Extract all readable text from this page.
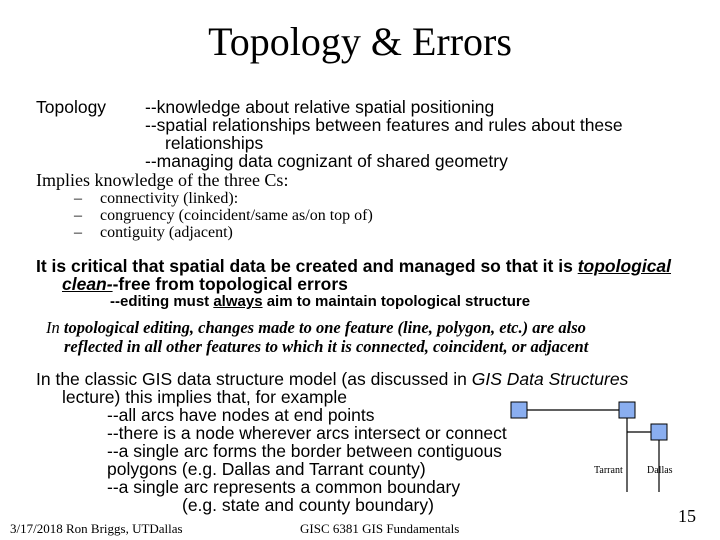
Topology & Errors
Topology --knowledge about relative spatial positioning
--spatial relationships between features and rules about these
relationships
--managing data cognizant of shared geometry
Implies knowledge of the three Cs:
– connectivity (linked):
– congruency (coincident/same as/on top of)
– contiguity (adjacent)
It is critical that spatial data be created and managed so that it is topological
clean--free from topological errors
--editing must always aim to maintain topological structure
In topological editing, changes made to one feature (line, polygon, etc.) are also
reflected in all other features to which it is connected, coincident, or adjacent
In the classic GIS data structure model (as discussed in GIS Data Structures
lecture) this implies that, for example
--all arcs have nodes at end points
--there is a node wherever arcs intersect or connect
--a single arc forms the border between contiguous
polygons (e.g. Dallas and Tarrant county)
--a single arc represents a common boundary
(e.g. state and county boundary)
Tarrant Dallas
3/17/2018 Ron Briggs, UTDallas	GISC 6381 GIS Fundamentals
15
